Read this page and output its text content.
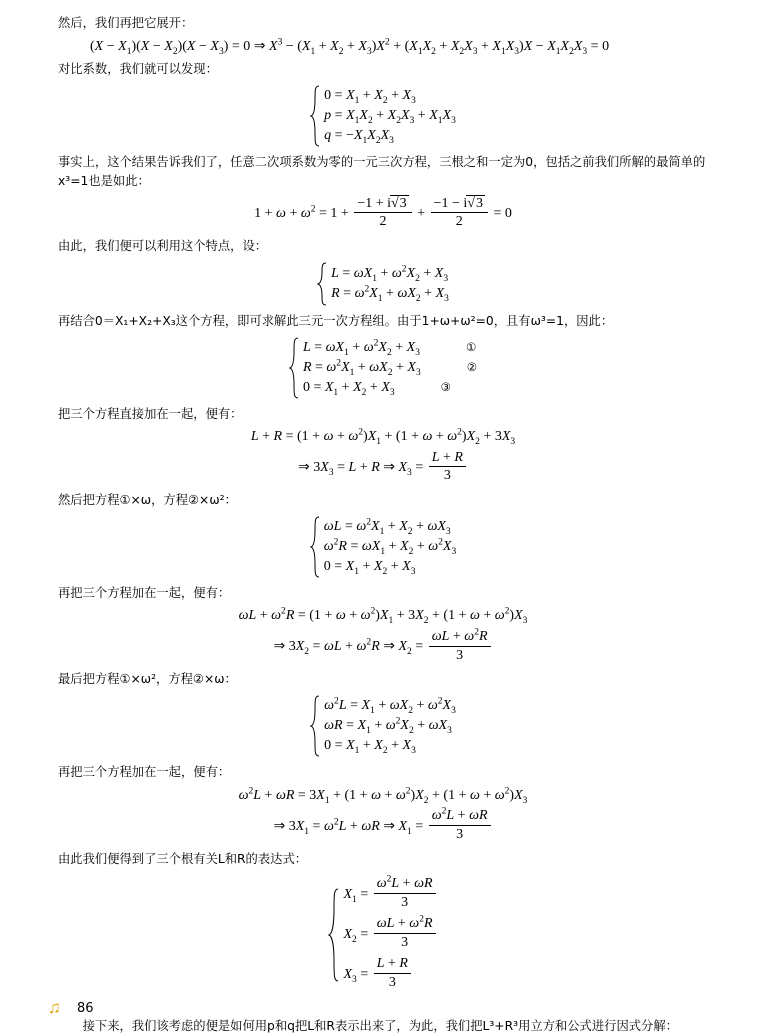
然后，我们再把它展开：

$(X - X_1)(X - X_2)(X - X_3) = 0$ ⇒ $X^3 - (X_1 + X_2 + X_3)X^2 + (X_1X_2 + X_2X_3 + X_1X_3)X - X_1X_2X_3 = 0$

对比系数，我们就可以发现：

$0 = X_1 + X_2 + X_3$
$p = X_1X_2 + X_2X_3 + X_1X_3$
$q = -X_1X_2X_3$

事实上，这个结果告诉我们了，任意二次项系数为零的一元三次方程，三根之和一定为0，包括之前我们所解的最简单的x³=1也是如此：

$1 + \omega + \omega^2 = 1 + \frac{-1 + i√3}{2} + \frac{-1 - i√3}{2} = 0$

由此，我们便可以利用这个特点，设：

$L = \omega X_1 + \omega^2X_2 + X_3$
$R = \omega^2X_1 + \omega X_2 + X_3$

再结合0＝X₁+X₂+X₃这个方程，即可求解此三元一次方程组。由于1+ω+ω²=0，且有ω³=1，因此：

$L = \omega X_1 + \omega^2X_2 + X_3$	①
$R = \omega^2X_1 + \omega X_2 + X_3$	②
$0 = X_1 + X_2 + X_3$	③

把三个方程直接加在一起，便有：

$L + R = (1 + \omega + \omega^2)X_1 + (1 + \omega + \omega^2)X_2 + 3X_3$
⇒ $3X_3 = L + R$ ⇒ $X_3 = \frac{L + R}{3}$

然后把方程①×ω，方程②×ω²：

$\omega L = \omega^2X_1 + X_2 + \omega X_3$
$\omega^2R = \omega X_1 + X_2 + \omega^2X_3$
$0 = X_1 + X_2 + X_3$

再把三个方程加在一起，便有：

$\omega L + \omega^2R = (1 + \omega + \omega^2)X_1 + 3X_2 + (1 + \omega + \omega^2)X_3$
⇒ $3X_2 = \omega L + \omega^2R$ ⇒ $X_2 = \frac{\omega L + \omega^2R}{3}$

最后把方程①×ω²，方程②×ω：

$\omega^2L = X_1 + \omega X_2 + \omega^2X_3$
$\omega R = X_1 + \omega^2X_2 + \omega X_3$
$0 = X_1 + X_2 + X_3$

再把三个方程加在一起，便有：

$\omega^2L + \omega R = 3X_1 + (1 + \omega + \omega^2)X_2 + (1 + \omega + \omega^2)X_3$
⇒ $3X_1 = \omega^2L + \omega R$ ⇒ $X_1 = \frac{\omega^2L + \omega R}{3}$

由此我们便得到了三个根有关L和R的表达式：

$X_1 = \frac{\omega^2L + \omega R}{3}$
$X_2 = \frac{\omega L + \omega^2R}{3}$
$X_3 = \frac{L + R}{3}$

接下来，我们该考虑的便是如何用p和q把L和R表示出来了，为此，我们把L³+R³用立方和公式进行因式分解：

♫	86
